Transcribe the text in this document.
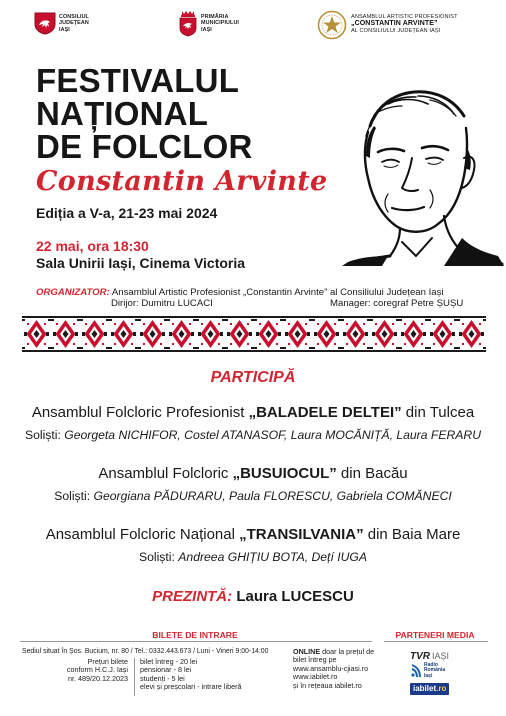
CONSILIUL
JUDEȚEAN
IAȘI
PRIMĂRIA
MUNICIPIULUI
IAȘI
ANSAMBLUL ARTISTIC PROFESIONIST
„CONSTANTIN ARVINTE”
AL CONSILIULUI JUDEȚEAN IAȘI
FESTIVALUL
NAȚIONAL
DE FOLCLOR
Constantin Arvinte
Ediția a V-a, 21-23 mai 2024
22 mai, ora 18:30
Sala Unirii Iași, Cinema Victoria
ORGANIZATOR: Ansamblul Artistic Profesionist „Constantin Arvinte” al Consiliului Județean Iași
Dirijor: Dumitru LUCACI	Manager: coregraf Petre ȘUȘU
PARTICIPĂ
Ansamblul Folcloric Profesionist „BALADELE DELTEI” din Tulcea
Soliști: Georgeta NICHIFOR, Costel ATANASOF, Laura MOCĂNIȚĂ, Laura FERARU
Ansamblul Folcloric „BUSUIOCUL” din Bacău
Soliști: Georgiana PĂDURARU, Paula FLORESCU, Gabriela COMĂNECI
Ansamblul Folcloric Național „TRANSILVANIA” din Baia Mare
Soliști: Andreea GHIȚIU BOTA, Dețí IUGA
PREZINTĂ: Laura LUCESCU
BILETE DE INTRARE
Sediul situat în Șos. Bucium, nr. 80 / Tel.: 0332.443.673 / Luni - Vineri 9:00-14:00
Prețuri bilete
conform H.C.J. Iași
nr. 489/20.12.2023
bilet întreg - 20 lei
pensionar - 8 lei
studenți - 5 lei
elevi și preșcolari - intrare liberă
ONLINE doar la prețul de
bilet întreg pe
www.ansamblu-cjiasi.ro
www.iabilet.ro
și în rețeaua iabilet.ro
PARTENERI MEDIA
TVR IAȘI
Radio
România
Iași
iabilet.ro
